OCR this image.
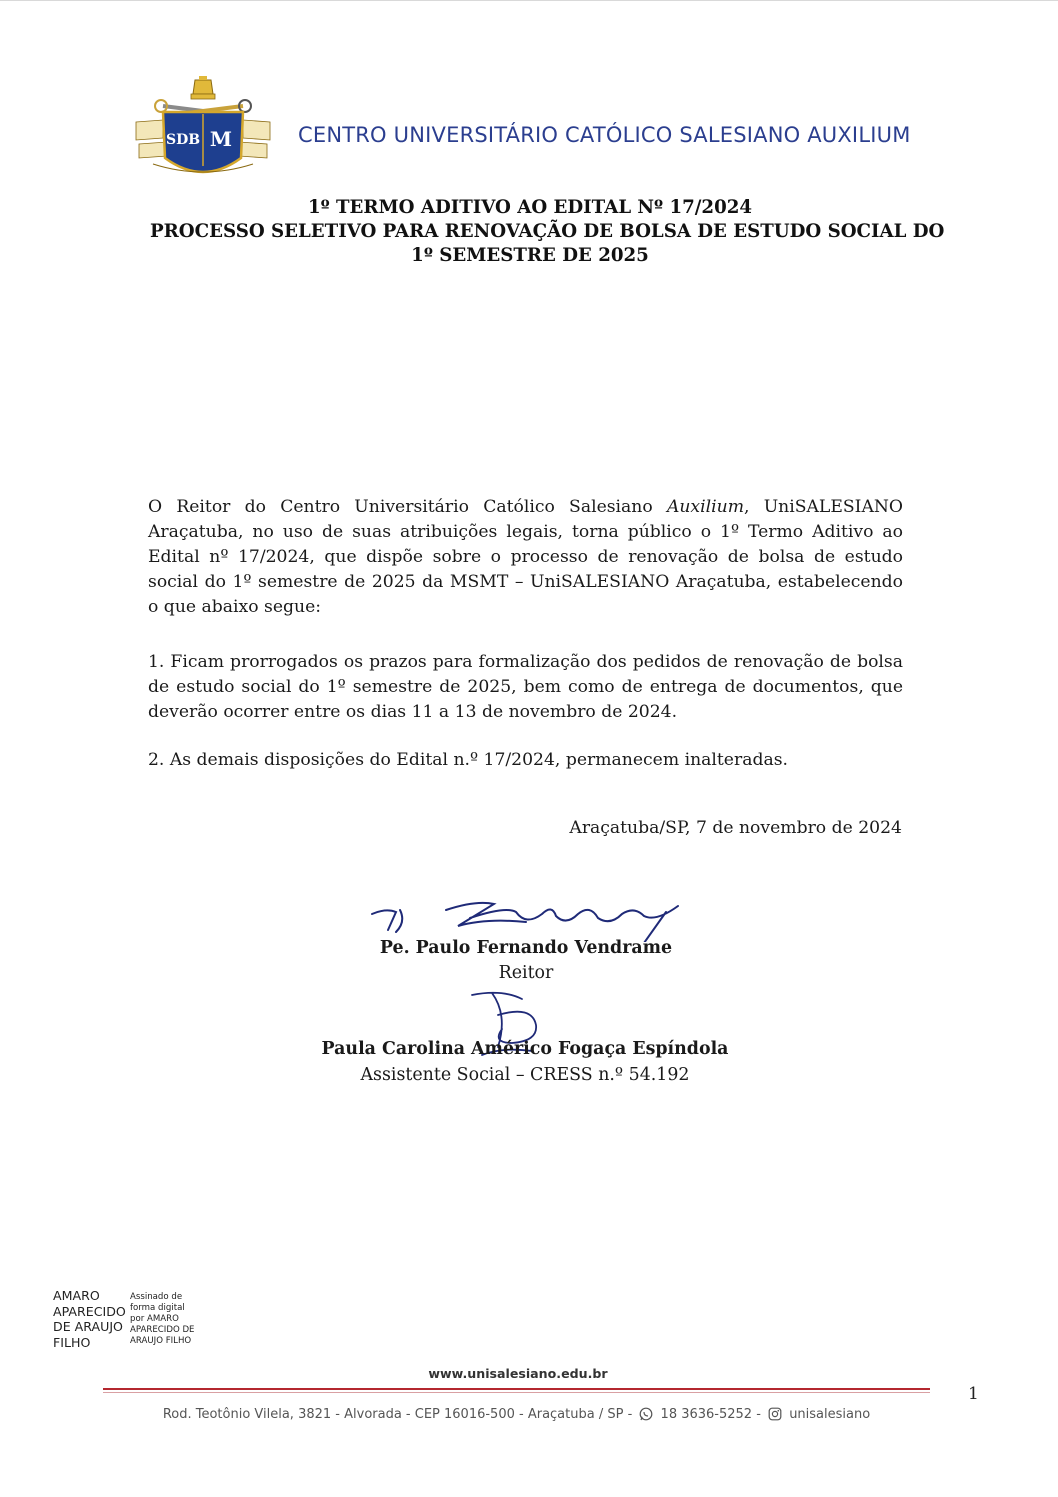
SDB M	CENTRO UNIVERSITÁRIO CATÓLICO SALESIANO AUXILIUM
1º TERMO ADITIVO AO EDITAL Nº 17/2024
PROCESSO SELETIVO PARA RENOVAÇÃO DE BOLSA DE ESTUDO SOCIAL DO
1º SEMESTRE DE 2025
O Reitor do Centro Universitário Católico Salesiano Auxilium, UniSALESIANO Araçatuba, no uso de suas atribuições legais, torna público o 1º Termo Aditivo ao Edital nº 17/2024, que dispõe sobre o processo de renovação de bolsa de estudo social do 1º semestre de 2025 da MSMT – UniSALESIANO Araçatuba, estabelecendo o que abaixo segue:
1. Ficam prorrogados os prazos para formalização dos pedidos de renovação de bolsa de estudo social do 1º semestre de 2025, bem como de entrega de documentos, que deverão ocorrer entre os dias 11 a 13 de novembro de 2024.
2. As demais disposições do Edital n.º 17/2024, permanecem inalteradas.
Araçatuba/SP, 7 de novembro de 2024
Pe. Paulo Fernando Vendrame
Reitor
Paula Carolina Américo Fogaça Espíndola
Assistente Social – CRESS n.º 54.192
AMARO
APARECIDO
DE ARAUJO
FILHO
Assinado de
forma digital
por AMARO
APARECIDO DE
ARAUJO FILHO
www.unisalesiano.edu.br
1
Rod. Teotônio Vilela, 3821 - Alvorada - CEP 16016-500 - Araçatuba / SP - 18 3636-5252 - unisalesiano
